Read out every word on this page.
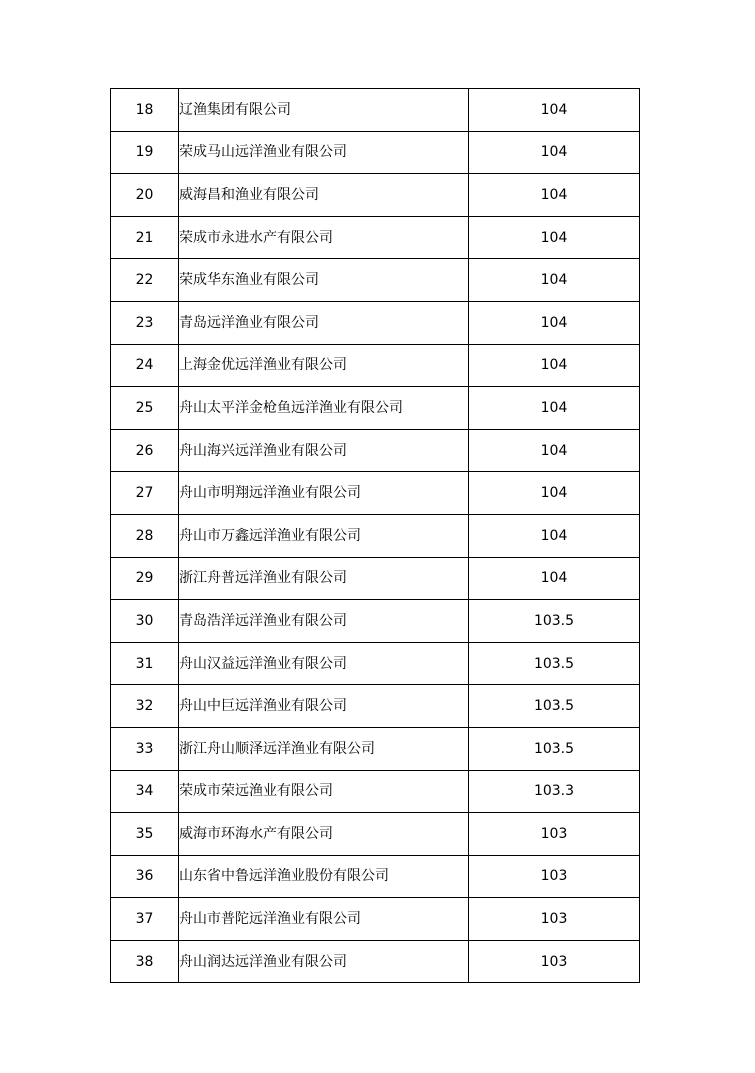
18	辽渔集团有限公司	104
19	荣成马山远洋渔业有限公司	104
20	威海昌和渔业有限公司	104
21	荣成市永进水产有限公司	104
22	荣成华东渔业有限公司	104
23	青岛远洋渔业有限公司	104
24	上海金优远洋渔业有限公司	104
25	舟山太平洋金枪鱼远洋渔业有限公司	104
26	舟山海兴远洋渔业有限公司	104
27	舟山市明翔远洋渔业有限公司	104
28	舟山市万鑫远洋渔业有限公司	104
29	浙江舟普远洋渔业有限公司	104
30	青岛浩洋远洋渔业有限公司	103.5
31	舟山汉益远洋渔业有限公司	103.5
32	舟山中巨远洋渔业有限公司	103.5
33	浙江舟山顺泽远洋渔业有限公司	103.5
34	荣成市荣远渔业有限公司	103.3
35	威海市环海水产有限公司	103
36	山东省中鲁远洋渔业股份有限公司	103
37	舟山市普陀远洋渔业有限公司	103
38	舟山润达远洋渔业有限公司	103
